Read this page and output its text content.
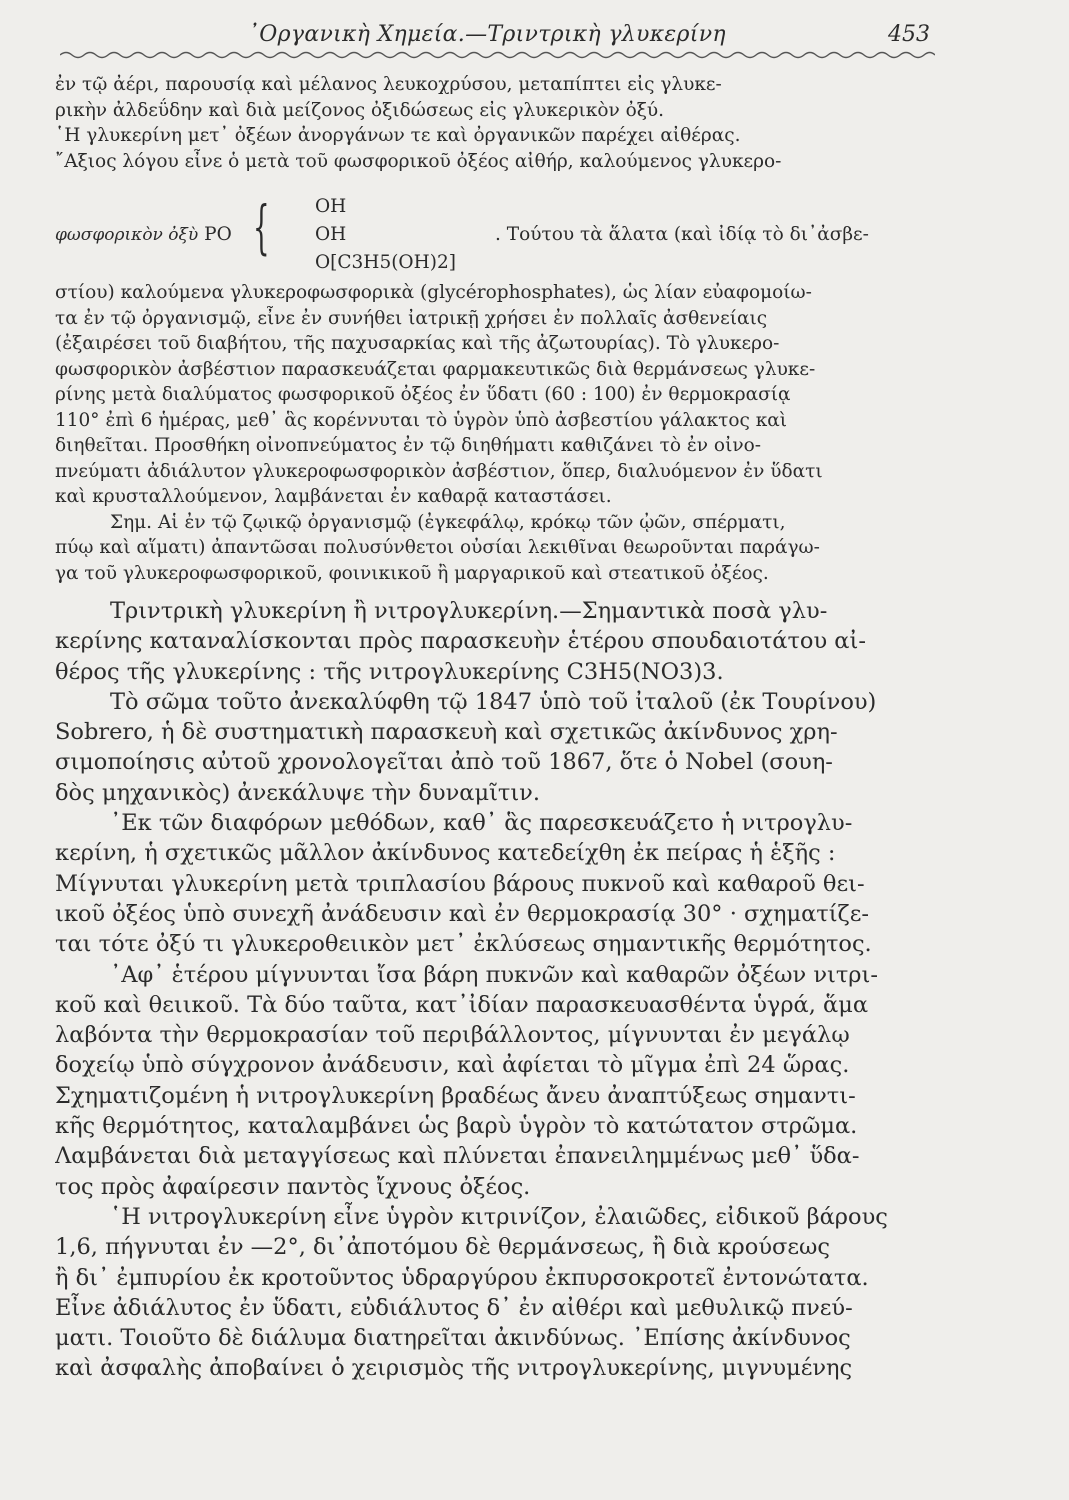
᾿Οργανικὴ Χημεία.—Τριντρικὴ γλυκερίνη	453
ἐν τῷ ἀέρι, παρουσίᾳ καὶ μέλανος λευκοχρύσου, μεταπίπτει εἰς γλυκε-
ρικὴν ἀλδεΰδην καὶ διὰ μείζονος ὀξιδώσεως εἰς γλυκερικὸν ὀξύ.
῾Η γλυκερίνη μετ᾿ ὀξέων ἀνοργάνων τε καὶ ὀργανικῶν παρέχει αἰθέρας.
῎Αξιος λόγου εἶνε ὁ μετὰ τοῦ φωσφορικοῦ ὀξέος αἰθήρ, καλούμενος γλυκερο-
φωσφορικὸν ὀξὺ PO { OH
OH
O[C3H5(OH)2]
. Τούτου τὰ ἅλατα (καὶ ἰδίᾳ τὸ δι᾿ἀσβε-
στίου) καλούμενα γλυκεροφωσφορικὰ (glycérophosphates), ὡς λίαν εὐαφομοίω-
τα ἐν τῷ ὀργανισμῷ, εἶνε ἐν συνήθει ἰατρικῇ χρήσει ἐν πολλαῖς ἀσθενείαις
(ἐξαιρέσει τοῦ διαβήτου, τῆς παχυσαρκίας καὶ τῆς ἀζωτουρίας). Τὸ γλυκερο-
φωσφορικὸν ἀσβέστιον παρασκευάζεται φαρμακευτικῶς διὰ θερμάνσεως γλυκε-
ρίνης μετὰ διαλύματος φωσφορικοῦ ὀξέος ἐν ὕδατι (60 : 100) ἐν θερμοκρασίᾳ
110° ἐπὶ 6 ἡμέρας, μεθ᾿ ἃς κορέννυται τὸ ὑγρὸν ὑπὸ ἀσβεστίου γάλακτος καὶ
διηθεῖται. Προσθήκη οἰνοπνεύματος ἐν τῷ διηθήματι καθιζάνει τὸ ἐν οἰνο-
πνεύματι ἀδιάλυτον γλυκεροφωσφορικὸν ἀσβέστιον, ὅπερ, διαλυόμενον ἐν ὕδατι
καὶ κρυσταλλούμενον, λαμβάνεται ἐν καθαρᾷ καταστάσει.
Σημ. Αἱ ἐν τῷ ζῳικῷ ὀργανισμῷ (ἐγκεφάλῳ, κρόκῳ τῶν ᾠῶν, σπέρματι,
πύῳ καὶ αἵματι) ἀπαντῶσαι πολυσύνθετοι οὐσίαι λεκιθῖναι θεωροῦνται παράγω-
γα τοῦ γλυκεροφωσφορικοῦ, φοινικικοῦ ἢ μαργαρικοῦ καὶ στεατικοῦ ὀξέος.
Τριντρικὴ γλυκερίνη ἢ νιτρογλυκερίνη.—Σημαντικὰ ποσὰ γλυ-
κερίνης καταναλίσκονται πρὸς παρασκευὴν ἑτέρου σπουδαιοτάτου αἰ-
θέρος τῆς γλυκερίνης : τῆς νιτρογλυκερίνης C3H5(NO3)3.
Τὸ σῶμα τοῦτο ἀνεκαλύφθη τῷ 1847 ὑπὸ τοῦ ἰταλοῦ (ἐκ Τουρίνου)
Sobrero, ἡ δὲ συστηματικὴ παρασκευὴ καὶ σχετικῶς ἀκίνδυνος χρη-
σιμοποίησις αὐτοῦ χρονολογεῖται ἀπὸ τοῦ 1867, ὅτε ὁ Nobel (σουη-
δὸς μηχανικὸς) ἀνεκάλυψε τὴν δυναμῖτιν.
᾿Εκ τῶν διαφόρων μεθόδων, καθ᾿ ἃς παρεσκευάζετο ἡ νιτρογλυ-
κερίνη, ἡ σχετικῶς μᾶλλον ἀκίνδυνος κατεδείχθη ἐκ πείρας ἡ ἑξῆς :
Μίγνυται γλυκερίνη μετὰ τριπλασίου βάρους πυκνοῦ καὶ καθαροῦ θει-
ικοῦ ὀξέος ὑπὸ συνεχῆ ἀνάδευσιν καὶ ἐν θερμοκρασίᾳ 30° · σχηματίζε-
ται τότε ὀξύ τι γλυκεροθειικὸν μετ᾿ ἐκλύσεως σημαντικῆς θερμότητος.
᾿Αφ᾿ ἑτέρου μίγνυνται ἴσα βάρη πυκνῶν καὶ καθαρῶν ὀξέων νιτρι-
κοῦ καὶ θειικοῦ. Τὰ δύο ταῦτα, κατ᾿ἰδίαν παρασκευασθέντα ὑγρά, ἅμα
λαβόντα τὴν θερμοκρασίαν τοῦ περιβάλλοντος, μίγνυνται ἐν μεγάλῳ
δοχείῳ ὑπὸ σύγχρονον ἀνάδευσιν, καὶ ἀφίεται τὸ μῖγμα ἐπὶ 24 ὥρας.
Σχηματιζομένη ἡ νιτρογλυκερίνη βραδέως ἄνευ ἀναπτύξεως σημαντι-
κῆς θερμότητος, καταλαμβάνει ὡς βαρὺ ὑγρὸν τὸ κατώτατον στρῶμα.
Λαμβάνεται διὰ μεταγγίσεως καὶ πλύνεται ἐπανειλημμένως μεθ᾿ ὕδα-
τος πρὸς ἀφαίρεσιν παντὸς ἴχνους ὀξέος.
῾Η νιτρογλυκερίνη εἶνε ὑγρὸν κιτρινίζον, ἐλαιῶδες, εἰδικοῦ βάρους
1,6, πήγνυται ἐν —2°, δι᾿ἀποτόμου δὲ θερμάνσεως, ἢ διὰ κρούσεως
ἢ δι᾿ ἐμπυρίου ἐκ κροτοῦντος ὑδραργύρου ἐκπυρσοκροτεῖ ἐντονώτατα.
Εἶνε ἀδιάλυτος ἐν ὕδατι, εὐδιάλυτος δ᾿ ἐν αἰθέρι καὶ μεθυλικῷ πνεύ-
ματι. Τοιοῦτο δὲ διάλυμα διατηρεῖται ἀκινδύνως. ᾿Επίσης ἀκίνδυνος
καὶ ἀσφαλὴς ἀποβαίνει ὁ χειρισμὸς τῆς νιτρογλυκερίνης, μιγνυμένης
